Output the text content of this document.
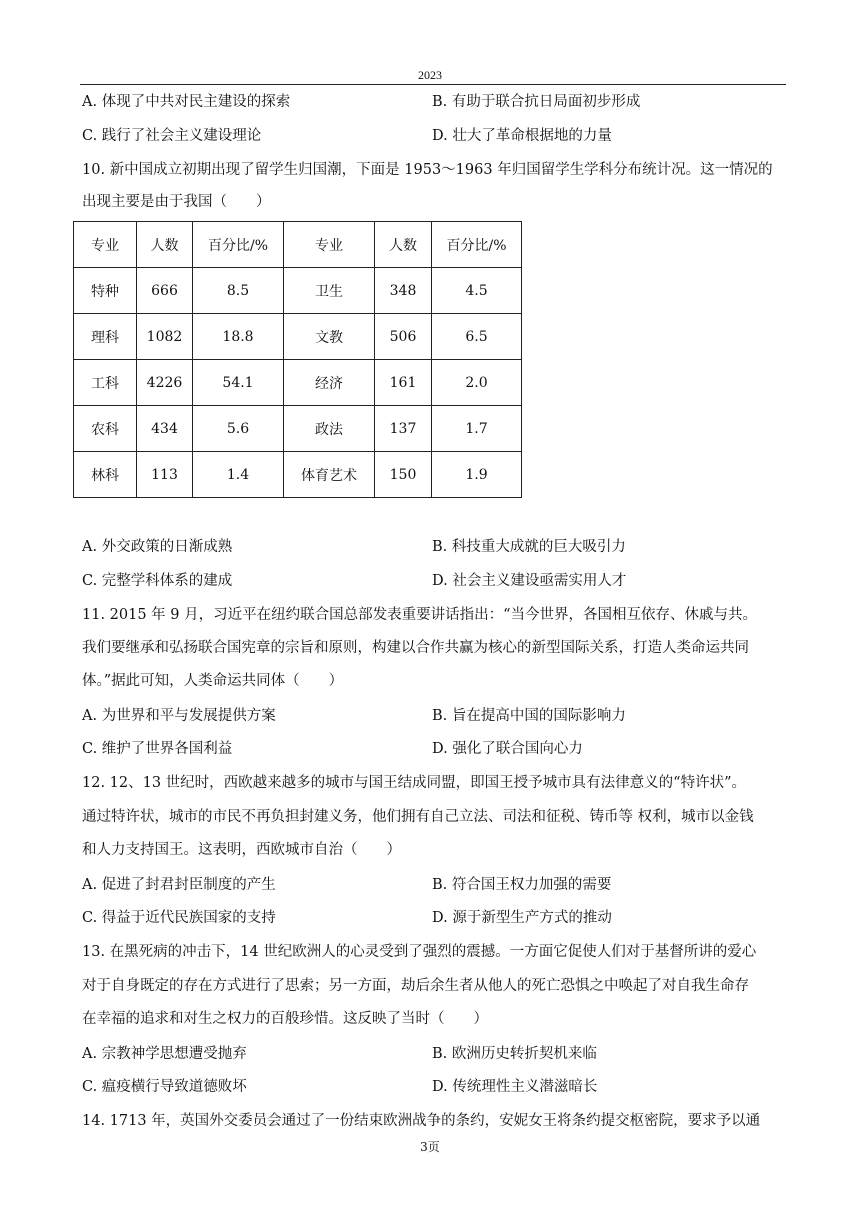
2023
A. 体现了中共对民主建设的探索	B. 有助于联合抗日局面初步形成
C. 践行了社会主义建设理论	D. 壮大了革命根据地的力量
10. 新中国成立初期出现了留学生归国潮，下面是 1953～1963 年归国留学生学科分布统计况。这一情况的
出现主要是由于我国（　　）
专业	人数	百分比/%	专业	人数	百分比/%
特种	666	8.5	卫生	348	4.5
理科	1082	18.8	文教	506	6.5
工科	4226	54.1	经济	161	2.0
农科	434	5.6	政法	137	1.7
林科	113	1.4	体育艺术	150	1.9
A. 外交政策的日渐成熟	B. 科技重大成就的巨大吸引力
C. 完整学科体系的建成	D. 社会主义建设亟需实用人才
11. 2015 年 9 月，习近平在纽约联合国总部发表重要讲话指出：“当今世界，各国相互依存、休戚与共。
我们要继承和弘扬联合国宪章的宗旨和原则，构建以合作共赢为核心的新型国际关系，打造人类命运共同
体。”据此可知，人类命运共同体（　　）
A. 为世界和平与发展提供方案	B. 旨在提高中国的国际影响力
C. 维护了世界各国利益	D. 强化了联合国向心力
12. 12、13 世纪时，西欧越来越多的城市与国王结成同盟，即国王授予城市具有法律意义的“特许状”。
通过特许状，城市的市民不再负担封建义务，他们拥有自己立法、司法和征税、铸币等 权利，城市以金钱
和人力支持国王。这表明，西欧城市自治（　　）
A. 促进了封君封臣制度的产生	B. 符合国王权力加强的需要
C. 得益于近代民族国家的支持	D. 源于新型生产方式的推动
13. 在黑死病的冲击下，14 世纪欧洲人的心灵受到了强烈的震撼。一方面它促使人们对于基督所讲的爱心
对于自身既定的存在方式进行了思索；另一方面，劫后余生者从他人的死亡恐惧之中唤起了对自我生命存
在幸福的追求和对生之权力的百般珍惜。这反映了当时（　　）
A. 宗教神学思想遭受抛弃	B. 欧洲历史转折契机来临
C. 瘟疫横行导致道德败坏	D. 传统理性主义潜滋暗长
14. 1713 年，英国外交委员会通过了一份结束欧洲战争的条约，安妮女王将条约提交枢密院，要求予以通
3页
